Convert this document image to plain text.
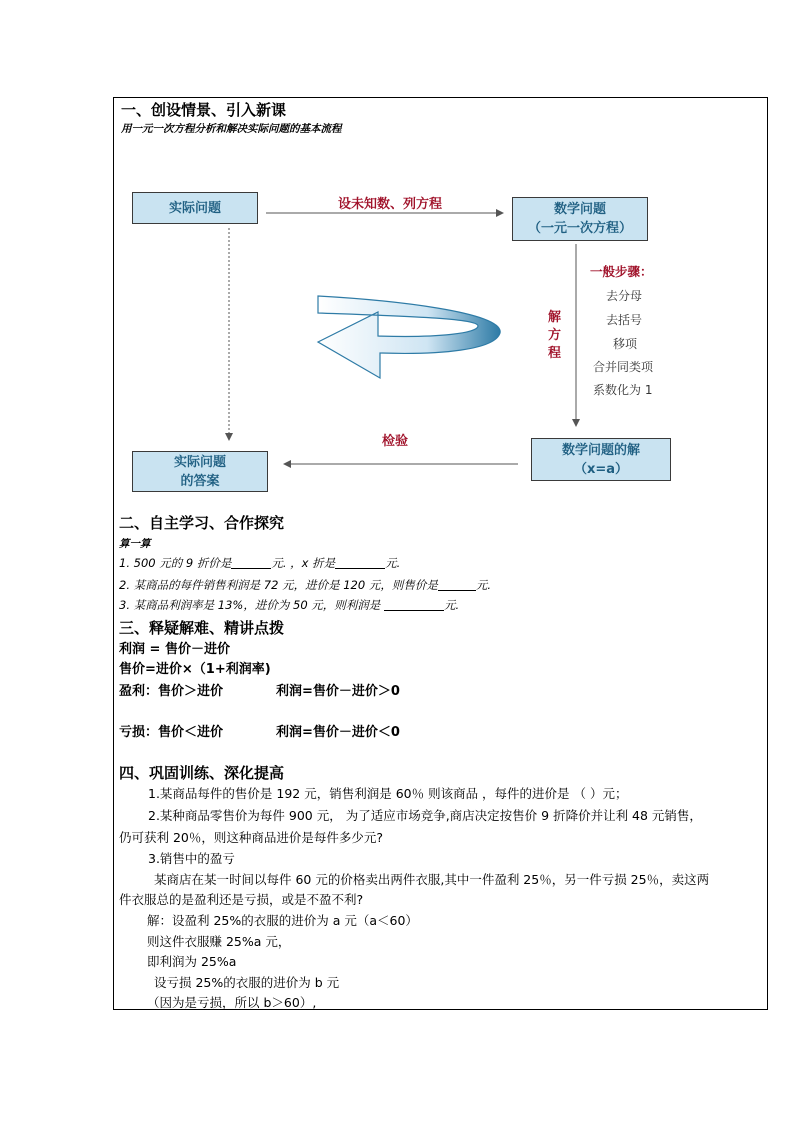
一、创设情景、引入新课
用一元一次方程分析和解决实际问题的基本流程
实际问题	数学问题
（一元一次方程）
数学问题的解
（x=a）
实际问题
的答案
设未知数、列方程
解
方
程
检验
一般步骤：
去分母
去括号
移项
合并同类项
系数化为 1
二、自主学习、合作探究
算一算
1. 500 元的 9 折价是	元. ，x 折是	元.
2. 某商品的每件销售利润是 72 元，进价是 120 元，则售价是	元.
3. 某商品利润率是 13%，进价为 50 元，则利润是	元.
三、释疑解难、精讲点拨
利润 = 售价－进价
售价=进价×（1+利润率)
盈利：售价＞进价	利润=售价－进价＞0
亏损：售价＜进价	利润=售价－进价＜0
四、巩固训练、深化提高
1.某商品每件的售价是 192 元，销售利润是 60％ 则该商品 ，每件的进价是 （ ）元；
2.某种商品零售价为每件 900 元， 为了适应市场竞争,商店决定按售价 9 折降价并让利 48 元销售，
仍可获利 20％，则这种商品进价是每件多少元?
3.销售中的盈亏
某商店在某一时间以每件 60 元的价格卖出两件衣服,其中一件盈利 25％，另一件亏损 25％，卖这两
件衣服总的是盈利还是亏损，或是不盈不利?
解：设盈利 25%的衣服的进价为 a 元（a＜60）
则这件衣服赚 25%a 元，
即利润为 25%a
设亏损 25%的衣服的进价为 b 元
（因为是亏损，所以 b＞60）,
